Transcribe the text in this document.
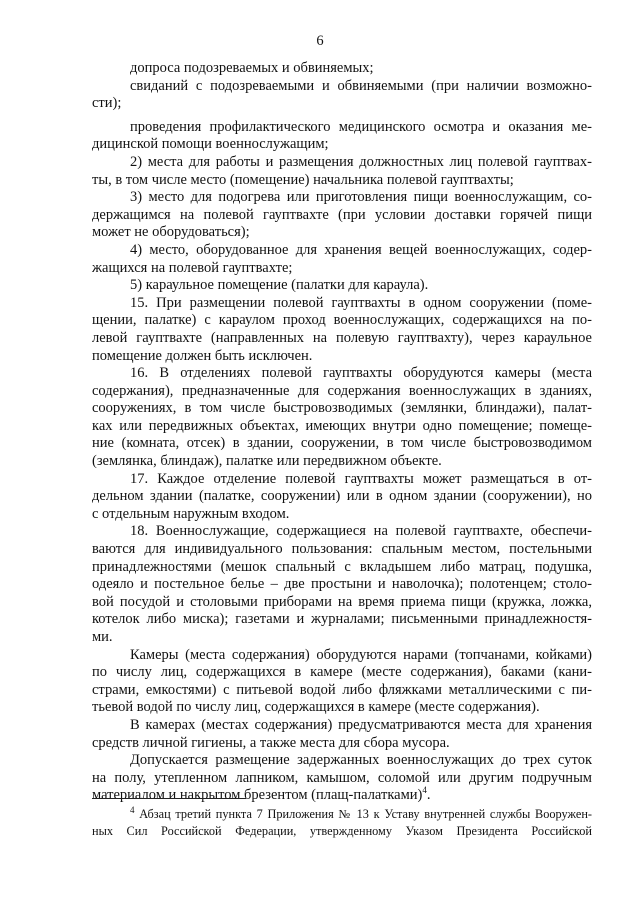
6
допроса подозреваемых и обвиняемых;
свиданий с подозреваемыми и обвиняемыми (при наличии возможно-
сти);
проведения профилактического медицинского осмотра и оказания ме-
дицинской помощи военнослужащим;
2) места для работы и размещения должностных лиц полевой гауптвах-
ты, в том числе место (помещение) начальника полевой гауптвахты;
3) место для подогрева или приготовления пищи военнослужащим, со-
держащимся на полевой гауптвахте (при условии доставки горячей пищи
может не оборудоваться);
4) место, оборудованное для хранения вещей военнослужащих, содер-
жащихся на полевой гауптвахте;
5) караульное помещение (палатки для караула).
15. При размещении полевой гауптвахты в одном сооружении (поме-
щении, палатке) с караулом проход военнослужащих, содержащихся на по-
левой гауптвахте (направленных на полевую гауптвахту), через караульное
помещение должен быть исключен.
16. В отделениях полевой гауптвахты оборудуются камеры (места
содержания), предназначенные для содержания военнослужащих в зданиях,
сооружениях, в том числе быстровозводимых (землянки, блиндажи), палат-
ках или передвижных объектах, имеющих внутри одно помещение; помеще-
ние (комната, отсек) в здании, сооружении, в том числе быстровозводимом
(землянка, блиндаж), палатке или передвижном объекте.
17. Каждое отделение полевой гауптвахты может размещаться в от-
дельном здании (палатке, сооружении) или в одном здании (сооружении), но
с отдельным наружным входом.
18. Военнослужащие, содержащиеся на полевой гауптвахте, обеспечи-
ваются для индивидуального пользования: спальным местом, постельными
принадлежностями (мешок спальный с вкладышем либо матрац, подушка,
одеяло и постельное белье – две простыни и наволочка); полотенцем; столо-
вой посудой и столовыми приборами на время приема пищи (кружка, ложка,
котелок либо миска); газетами и журналами; письменными принадлежностя-
ми.
Камеры (места содержания) оборудуются нарами (топчанами, койками)
по числу лиц, содержащихся в камере (месте содержания), баками (кани-
страми, емкостями) с питьевой водой либо фляжками металлическими с пи-
тьевой водой по числу лиц, содержащихся в камере (месте содержания).
В камерах (местах содержания) предусматриваются места для хранения
средств личной гигиены, а также места для сбора мусора.
Допускается размещение задержанных военнослужащих до трех суток
на полу, утепленном лапником, камышом, соломой или другим подручным
материалом и накрытом брезентом (плащ-палатками)$^4$.
$^4$ Абзац третий пункта 7 Приложения № 13 к Уставу внутренней службы Вооружен-
ных Сил Российской Федерации, утвержденному Указом Президента Российской
